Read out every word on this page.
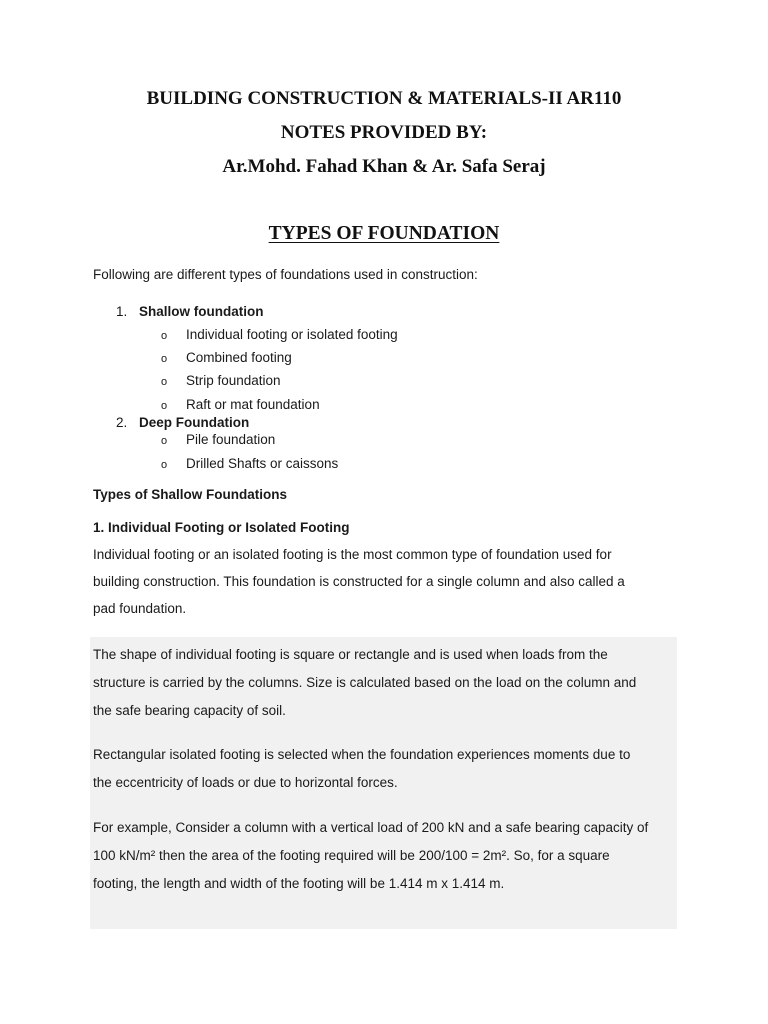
BUILDING CONSTRUCTION & MATERIALS-II AR110
NOTES PROVIDED BY:
Ar.Mohd. Fahad Khan & Ar. Safa Seraj
TYPES OF FOUNDATION
Following are different types of foundations used in construction:
1. Shallow foundation
o Individual footing or isolated footing
o Combined footing
o Strip foundation
o Raft or mat foundation
2. Deep Foundation
o Pile foundation
o Drilled Shafts or caissons
Types of Shallow Foundations
1. Individual Footing or Isolated Footing
Individual footing or an isolated footing is the most common type of foundation used for
building construction. This foundation is constructed for a single column and also called a
pad foundation.
The shape of individual footing is square or rectangle and is used when loads from the
structure is carried by the columns. Size is calculated based on the load on the column and
the safe bearing capacity of soil.
Rectangular isolated footing is selected when the foundation experiences moments due to
the eccentricity of loads or due to horizontal forces.
For example, Consider a column with a vertical load of 200 kN and a safe bearing capacity of
100 kN/m² then the area of the footing required will be 200/100 = 2m². So, for a square
footing, the length and width of the footing will be 1.414 m x 1.414 m.
